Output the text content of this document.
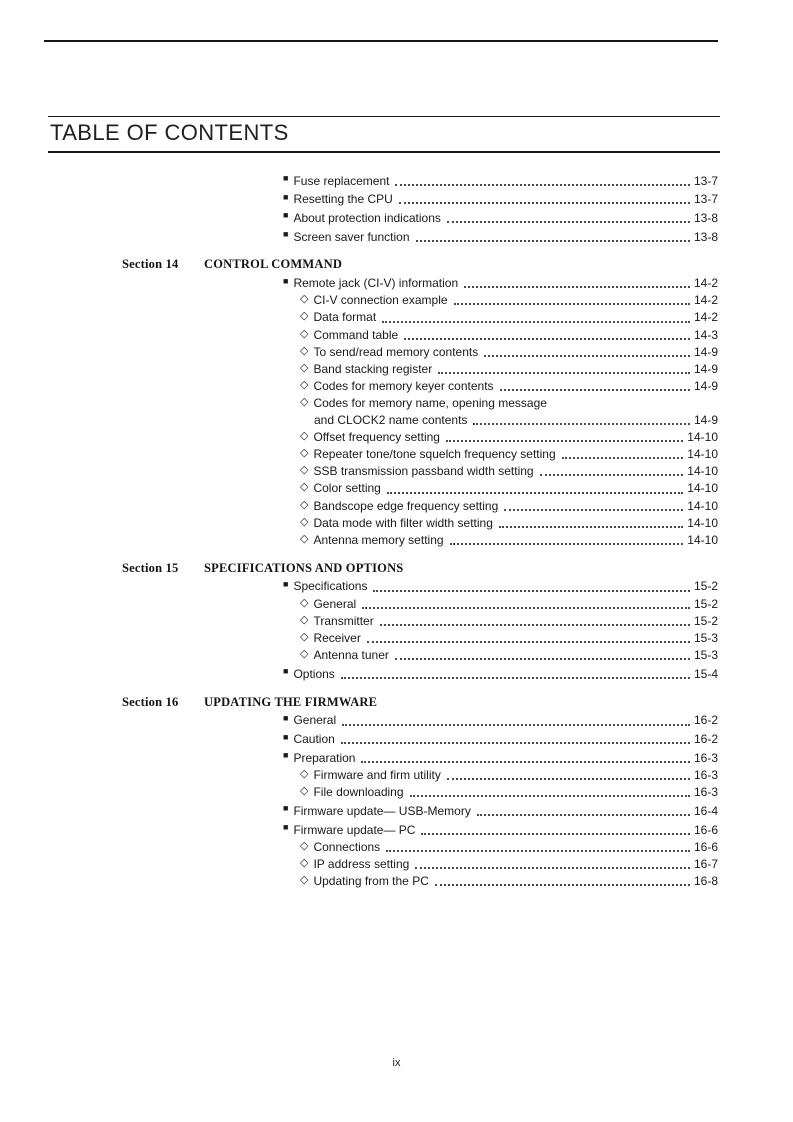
TABLE OF CONTENTS
■ Fuse replacement	13-7
■ Resetting the CPU	13-7
■ About protection indications	13-8
■ Screen saver function	13-8
Section 14	CONTROL COMMAND
■ Remote jack (CI-V) information	14-2
◇ CI-V connection example	14-2
◇ Data format	14-2
◇ Command table	14-3
◇ To send/read memory contents	14-9
◇ Band stacking register	14-9
◇ Codes for memory keyer contents	14-9
◇ Codes for memory name, opening message
and CLOCK2 name contents	14-9
◇ Offset frequency setting	14-10
◇ Repeater tone/tone squelch frequency setting	14-10
◇ SSB transmission passband width setting	14-10
◇ Color setting	14-10
◇ Bandscope edge frequency setting	14-10
◇ Data mode with filter width setting	14-10
◇ Antenna memory setting	14-10
Section 15	SPECIFICATIONS AND OPTIONS
■ Specifications	15-2
◇ General	15-2
◇ Transmitter	15-2
◇ Receiver	15-3
◇ Antenna tuner	15-3
■ Options	15-4
Section 16	UPDATING THE FIRMWARE
■ General	16-2
■ Caution	16-2
■ Preparation	16-3
◇ Firmware and firm utility	16-3
◇ File downloading	16-3
■ Firmware update— USB-Memory	16-4
■ Firmware update— PC	16-6
◇ Connections	16-6
◇ IP address setting	16-7
◇ Updating from the PC	16-8
ix
